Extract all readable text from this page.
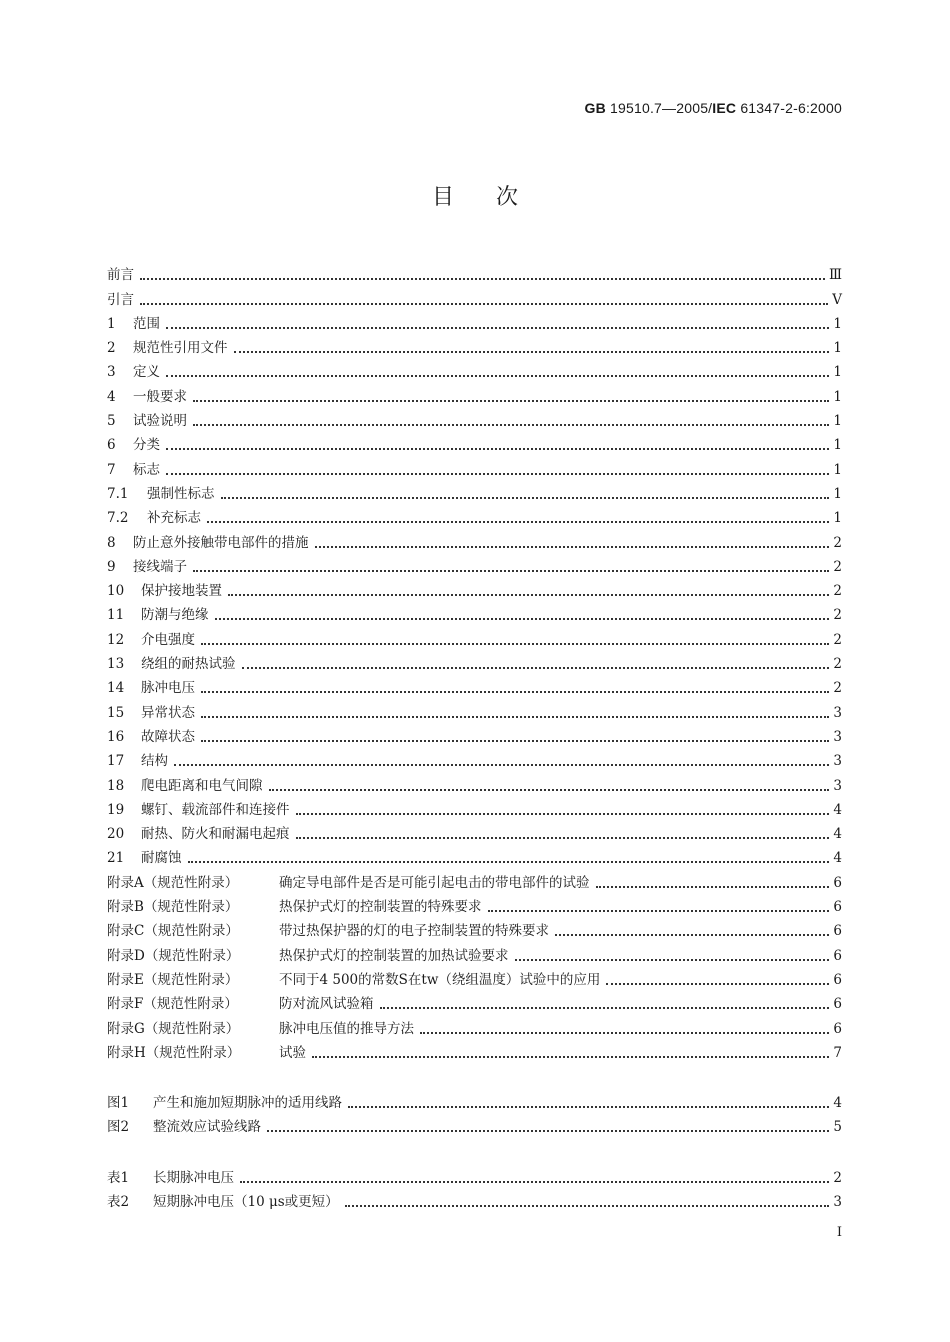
GB 19510.7—2005/IEC 61347-2-6:2000
目次
前言	Ⅲ
引言	Ⅴ
1	范围	1
2	规范性引用文件	1
3	定义	1
4	一般要求	1
5	试验说明	1
6	分类	1
7	标志	1
7.1	强制性标志	1
7.2	补充标志	1
8	防止意外接触带电部件的措施	2
9	接线端子	2
10	保护接地装置	2
11	防潮与绝缘	2
12	介电强度	2
13	绕组的耐热试验	2
14	脉冲电压	2
15	异常状态	3
16	故障状态	3
17	结构	3
18	爬电距离和电气间隙	3
19	螺钉、载流部件和连接件	4
20	耐热、防火和耐漏电起痕	4
21	耐腐蚀	4
附录A（规范性附录）	确定导电部件是否是可能引起电击的带电部件的试验	6
附录B（规范性附录）	热保护式灯的控制装置的特殊要求	6
附录C（规范性附录）	带过热保护器的灯的电子控制装置的特殊要求	6
附录D（规范性附录）	热保护式灯的控制装置的加热试验要求	6
附录E（规范性附录）	不同于4 500的常数S在tw（绕组温度）试验中的应用	6
附录F（规范性附录）	防对流风试验箱	6
附录G（规范性附录）	脉冲电压值的推导方法	6
附录H（规范性附录）	试验	7
图1	产生和施加短期脉冲的适用线路	4
图2	整流效应试验线路	5
表1	长期脉冲电压	2
表2	短期脉冲电压（10 μs或更短）	3
Ⅰ
